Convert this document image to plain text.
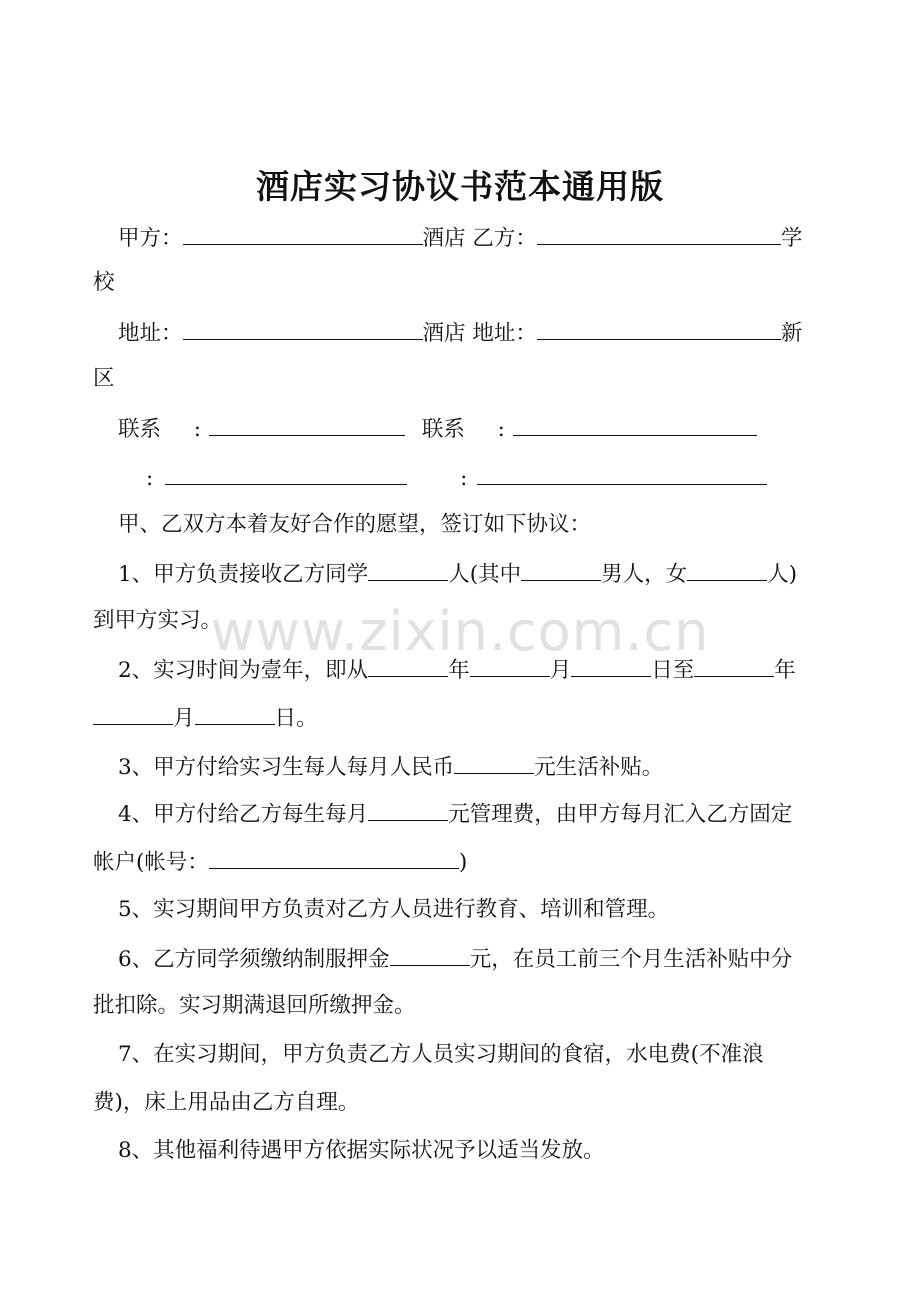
酒店实习协议书范本通用版
www.zixin.com.cn
甲方：	酒店 乙方：	学
校
地址：	酒店 地址：	新
区
联系 :	联系 :
:	:
甲、乙双方本着友好合作的愿望，签订如下协议：
1、甲方负责接收乙方同学	人(其中	男人，女	人)
到甲方实习。
2、实习时间为壹年，即从	年	月	日至	年
月	日。
3、甲方付给实习生每人每月人民币	元生活补贴。
4、甲方付给乙方每生每月	元管理费，由甲方每月汇入乙方固定
帐户(帐号：	)
5、实习期间甲方负责对乙方人员进行教育、培训和管理。
6、乙方同学须缴纳制服押金	元，在员工前三个月生活补贴中分
批扣除。实习期满退回所缴押金。
7、在实习期间，甲方负责乙方人员实习期间的食宿，水电费(不准浪
费)，床上用品由乙方自理。
8、其他福利待遇甲方依据实际状况予以适当发放。
